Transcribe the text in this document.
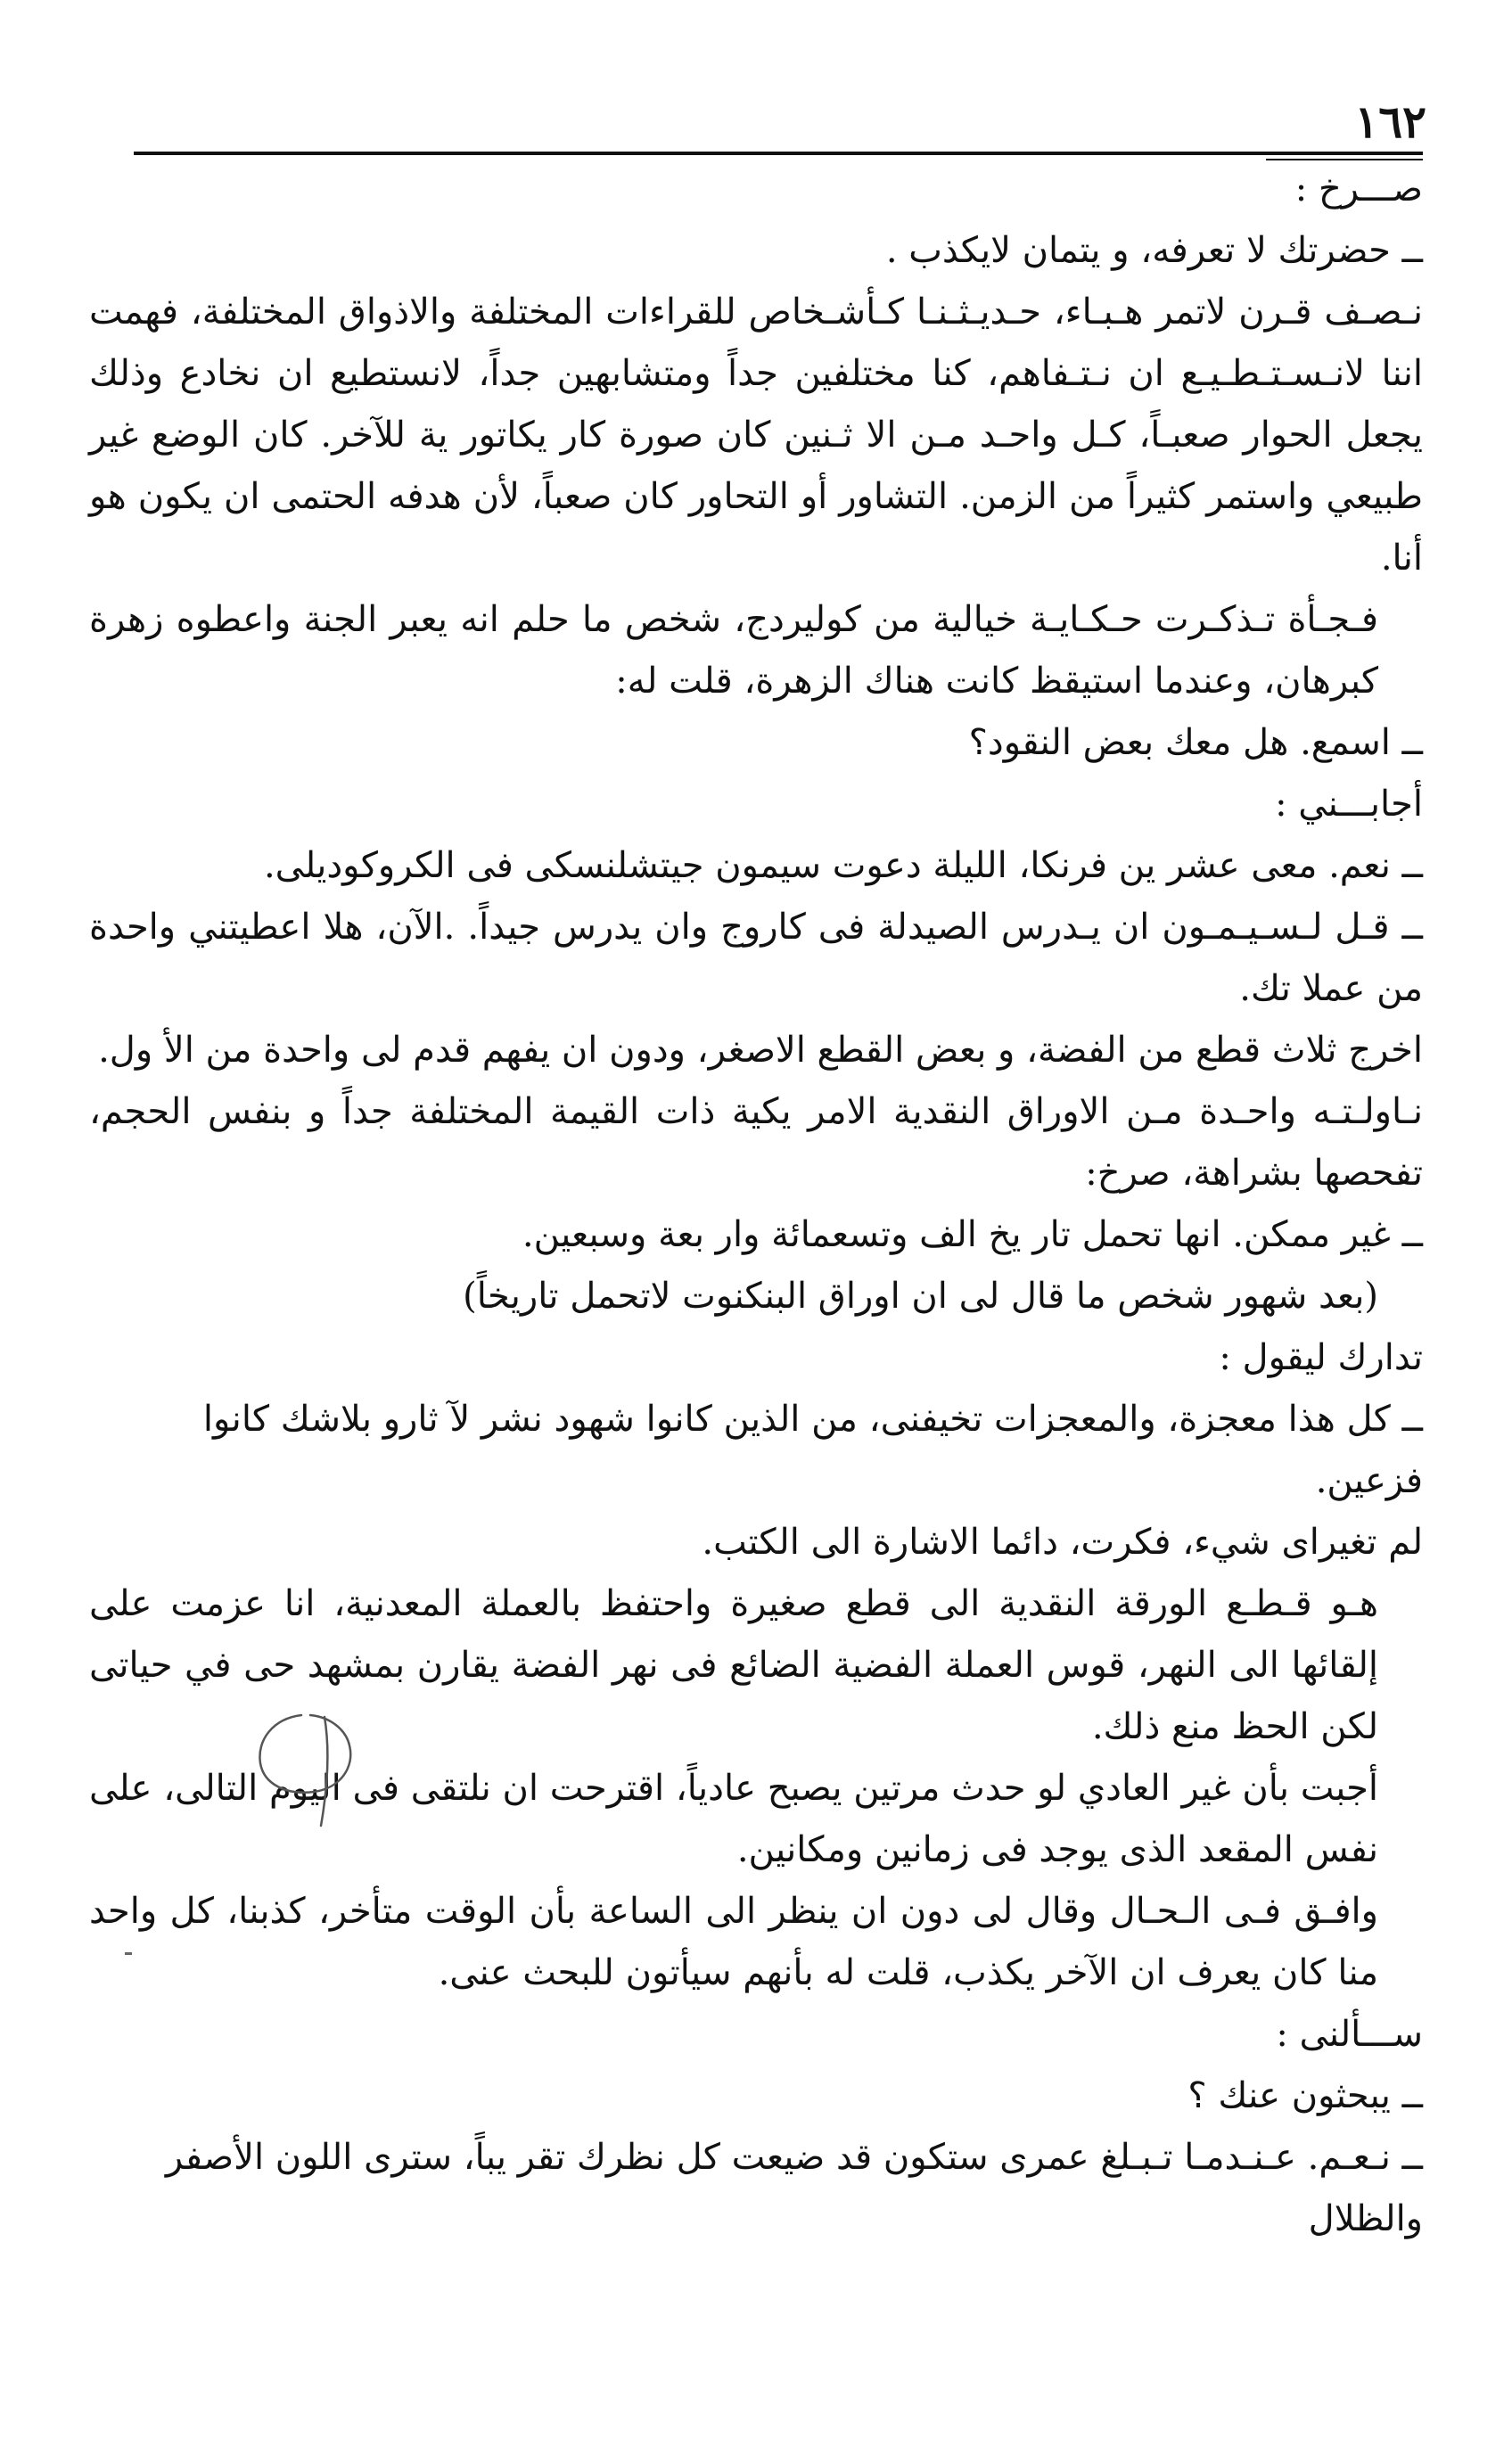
١٦٢

صـــرخ :

ــ حضرتك لا تعرفه، و يتمان لايكذب .

نـصـف قـرن لاتمر هـبـاء، حـديـثـنـا كـأشـخاص للقراءات المختلفة والاذواق المختلفة، فهمت اننا لانـسـتـطـيـع ان نـتـفاهم، كنا مختلفين جداً ومتشابهين جداً، لانستطيع ان نخادع وذلك يجعل الحوار صعبـاً، كـل واحـد مـن الا ثـنين كان صورة كار يكاتور ية للآخر. كان الوضع غير طبيعي واستمر كثيراً من الزمن. التشاور أو التحاور كان صعباً، لأن هدفه الحتمى ان يكون هو أنا.

فـجـأة تـذكـرت حـكـايـة خيالية من كوليردج، شخص ما حلم انه يعبر الجنة واعطوه زهرة كبرهان، وعندما استيقظ كانت هناك الزهرة، قلت له:

ــ اسمع. هل معك بعض النقود؟

أجابـــني :

ــ نعم. معى عشر ين فرنكا، الليلة دعوت سيمون جيتشلنسكى فى الكروكوديلى.

ــ قـل لـسـيـمـون ان يـدرس الصيدلة فى كاروج وان يدرس جيداً. .الآن، هلا اعطيتني واحدة من عملا تك.

اخرج ثلاث قطع من الفضة، و بعض القطع الاصغر، ودون ان يفهم قدم لى واحدة من الأ ول.

نـاولـتـه واحـدة مـن الاوراق النقدية الامر يكية ذات القيمة المختلفة جداً و بنفس الحجم، تفحصها بشراهة، صرخ:

ــ غير ممكن. انها تحمل تار يخ الف وتسعمائة وار بعة وسبعين.

(بعد شهور شخص ما قال لى ان اوراق البنكنوت لاتحمل تاريخاً)

تدارك ليقول :

ــ كل هذا معجزة، والمعجزات تخيفنى، من الذين كانوا شهود نشر لآ ثارو بلاشك كانوا فزعين.

لم تغيراى شيء، فكرت، دائما الاشارة الى الكتب.

هـو قـطـع الورقة النقدية الى قطع صغيرة واحتفظ بالعملة المعدنية، انا عزمت على إلقائها الى النهر، قوس العملة الفضية الضائع فى نهر الفضة يقارن بمشهد حى في حياتى لكن الحظ منع ذلك.

أجبت بأن غير العادي لو حدث مرتين يصبح عادياً، اقترحت ان نلتقى فى اليوم التالى، على نفس المقعد الذى يوجد فى زمانين ومكانين.

وافـق فـى الـحـال وقال لى دون ان ينظر الى الساعة بأن الوقت متأخر، كذبنا، كل واحد منا كان يعرف ان الآخر يكذب، قلت له بأنهم سيأتون للبحث عنى.

ســـألنى :

ــ يبحثون عنك ؟

ــ نـعـم. عـنـدمـا تـبـلغ عمرى ستكون قد ضيعت كل نظرك تقر يباً، سترى اللون الأصفر والظلال
